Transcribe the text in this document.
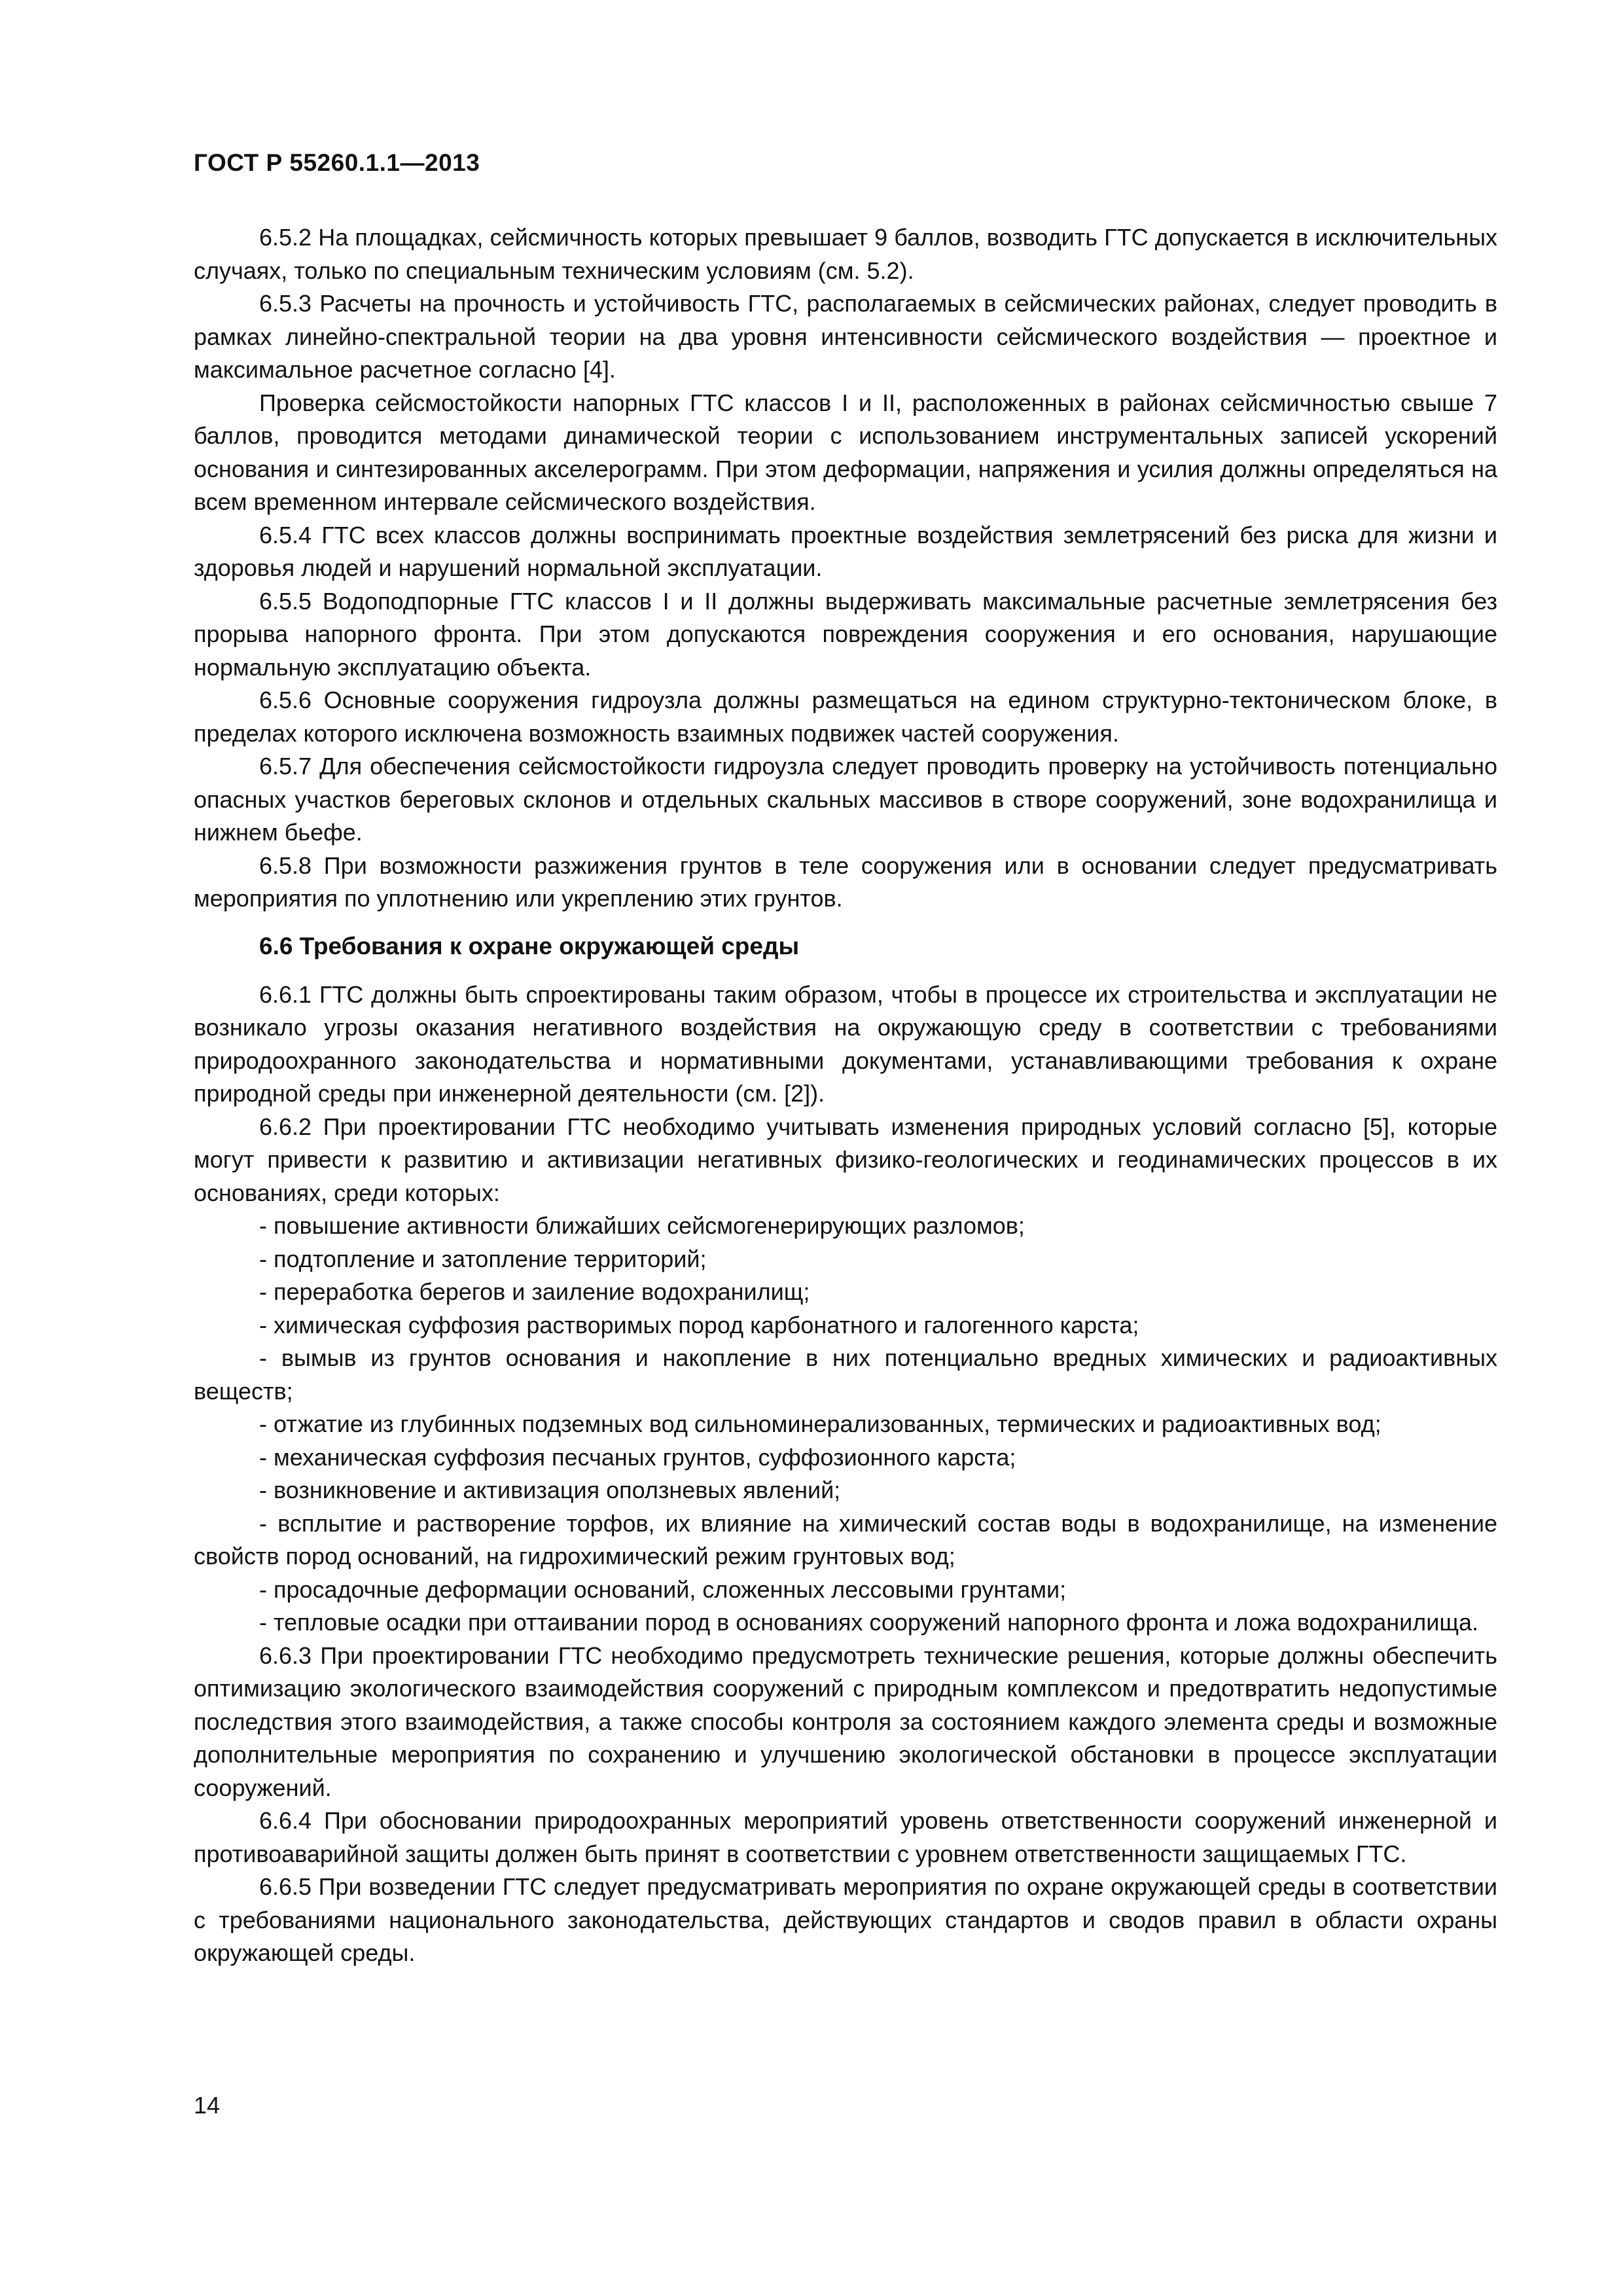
ГОСТ Р 55260.1.1—2013

6.5.2 На площадках, сейсмичность которых превышает 9 баллов, возводить ГТС допускается в исключительных случаях, только по специальным техническим условиям (см. 5.2).

6.5.3 Расчеты на прочность и устойчивость ГТС, располагаемых в сейсмических районах, следует проводить в рамках линейно-спектральной теории на два уровня интенсивности сейсмического воздействия — проектное и максимальное расчетное согласно [4].

Проверка сейсмостойкости напорных ГТС классов I и II, расположенных в районах сейсмичностью свыше 7 баллов, проводится методами динамической теории с использованием инструментальных записей ускорений основания и синтезированных акселерограмм. При этом деформации, напряжения и усилия должны определяться на всем временном интервале сейсмического воздействия.

6.5.4 ГТС всех классов должны воспринимать проектные воздействия землетрясений без риска для жизни и здоровья людей и нарушений нормальной эксплуатации.

6.5.5 Водоподпорные ГТС классов I и II должны выдерживать максимальные расчетные землетрясения без прорыва напорного фронта. При этом допускаются повреждения сооружения и его основания, нарушающие нормальную эксплуатацию объекта.

6.5.6 Основные сооружения гидроузла должны размещаться на едином структурно-тектоническом блоке, в пределах которого исключена возможность взаимных подвижек частей сооружения.

6.5.7 Для обеспечения сейсмостойкости гидроузла следует проводить проверку на устойчивость потенциально опасных участков береговых склонов и отдельных скальных массивов в створе сооружений, зоне водохранилища и нижнем бьефе.

6.5.8 При возможности разжижения грунтов в теле сооружения или в основании следует предусматривать мероприятия по уплотнению или укреплению этих грунтов.

6.6 Требования к охране окружающей среды

6.6.1 ГТС должны быть спроектированы таким образом, чтобы в процессе их строительства и эксплуатации не возникало угрозы оказания негативного воздействия на окружающую среду в соответствии с требованиями природоохранного законодательства и нормативными документами, устанавливающими требования к охране природной среды при инженерной деятельности (см. [2]).

6.6.2 При проектировании ГТС необходимо учитывать изменения природных условий согласно [5], которые могут привести к развитию и активизации негативных физико-геологических и геодинамических процессов в их основаниях, среди которых:

- повышение активности ближайших сейсмогенерирующих разломов;

- подтопление и затопление территорий;

- переработка берегов и заиление водохранилищ;

- химическая суффозия растворимых пород карбонатного и галогенного карста;

- вымыв из грунтов основания и накопление в них потенциально вредных химических и радиоактивных веществ;

- отжатие из глубинных подземных вод сильноминерализованных, термических и радиоактивных вод;

- механическая суффозия песчаных грунтов, суффозионного карста;

- возникновение и активизация оползневых явлений;

- всплытие и растворение торфов, их влияние на химический состав воды в водохранилище, на изменение свойств пород оснований, на гидрохимический режим грунтовых вод;

- просадочные деформации оснований, сложенных лессовыми грунтами;

- тепловые осадки при оттаивании пород в основаниях сооружений напорного фронта и ложа водохранилища.

6.6.3 При проектировании ГТС необходимо предусмотреть технические решения, которые должны обеспечить оптимизацию экологического взаимодействия сооружений с природным комплексом и предотвратить недопустимые последствия этого взаимодействия, а также способы контроля за состоянием каждого элемента среды и возможные дополнительные мероприятия по сохранению и улучшению экологической обстановки в процессе эксплуатации сооружений.

6.6.4 При обосновании природоохранных мероприятий уровень ответственности сооружений инженерной и противоаварийной защиты должен быть принят в соответствии с уровнем ответственности защищаемых ГТС.

6.6.5 При возведении ГТС следует предусматривать мероприятия по охране окружающей среды в соответствии с требованиями национального законодательства, действующих стандартов и сводов правил в области охраны окружающей среды.

14
